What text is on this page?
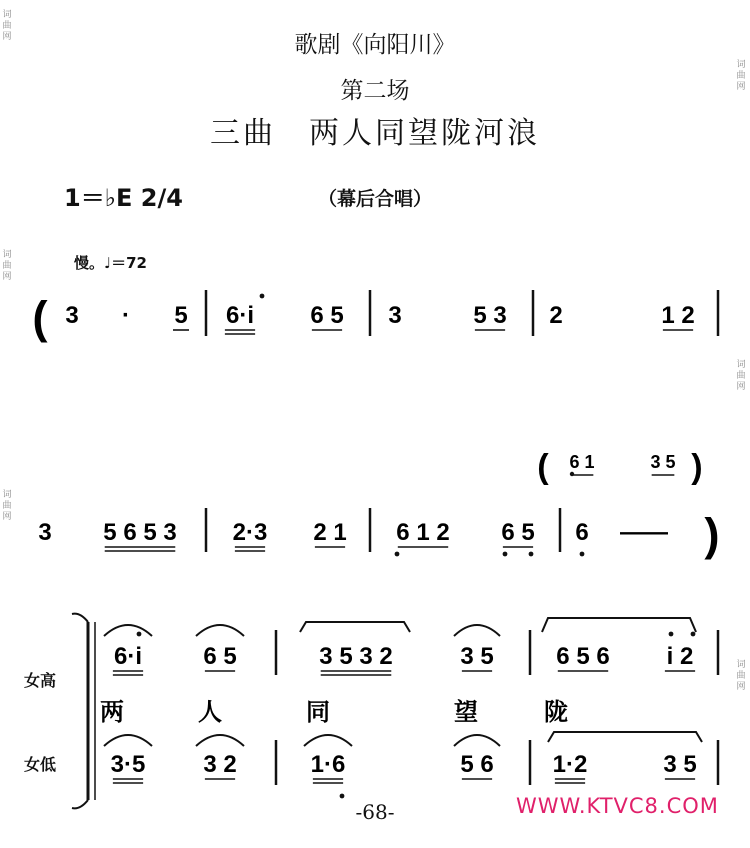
歌剧《向阳川》
第二场
三曲　两人同望陇河浪
1＝♭E 2/4	（幕后合唱）
慢。♩＝72
词曲网
词曲网
词曲网
词曲网
词曲网
词曲网
( 3 · 5 6·i 6 5 3	5 3 2	1 2
( 6 1	3 5 )
3 5 6 5 3 2·3 2 1 6 1 2 6 5 6 —— )
6·i	6 5	3 5 3 2	3 5	6 5 6 i 2
两	人	同	望	陇
3·5 3 2	1·6	5 6 1·2	3 5
女高
女低
-68-	WWW.KTVC8.COM
